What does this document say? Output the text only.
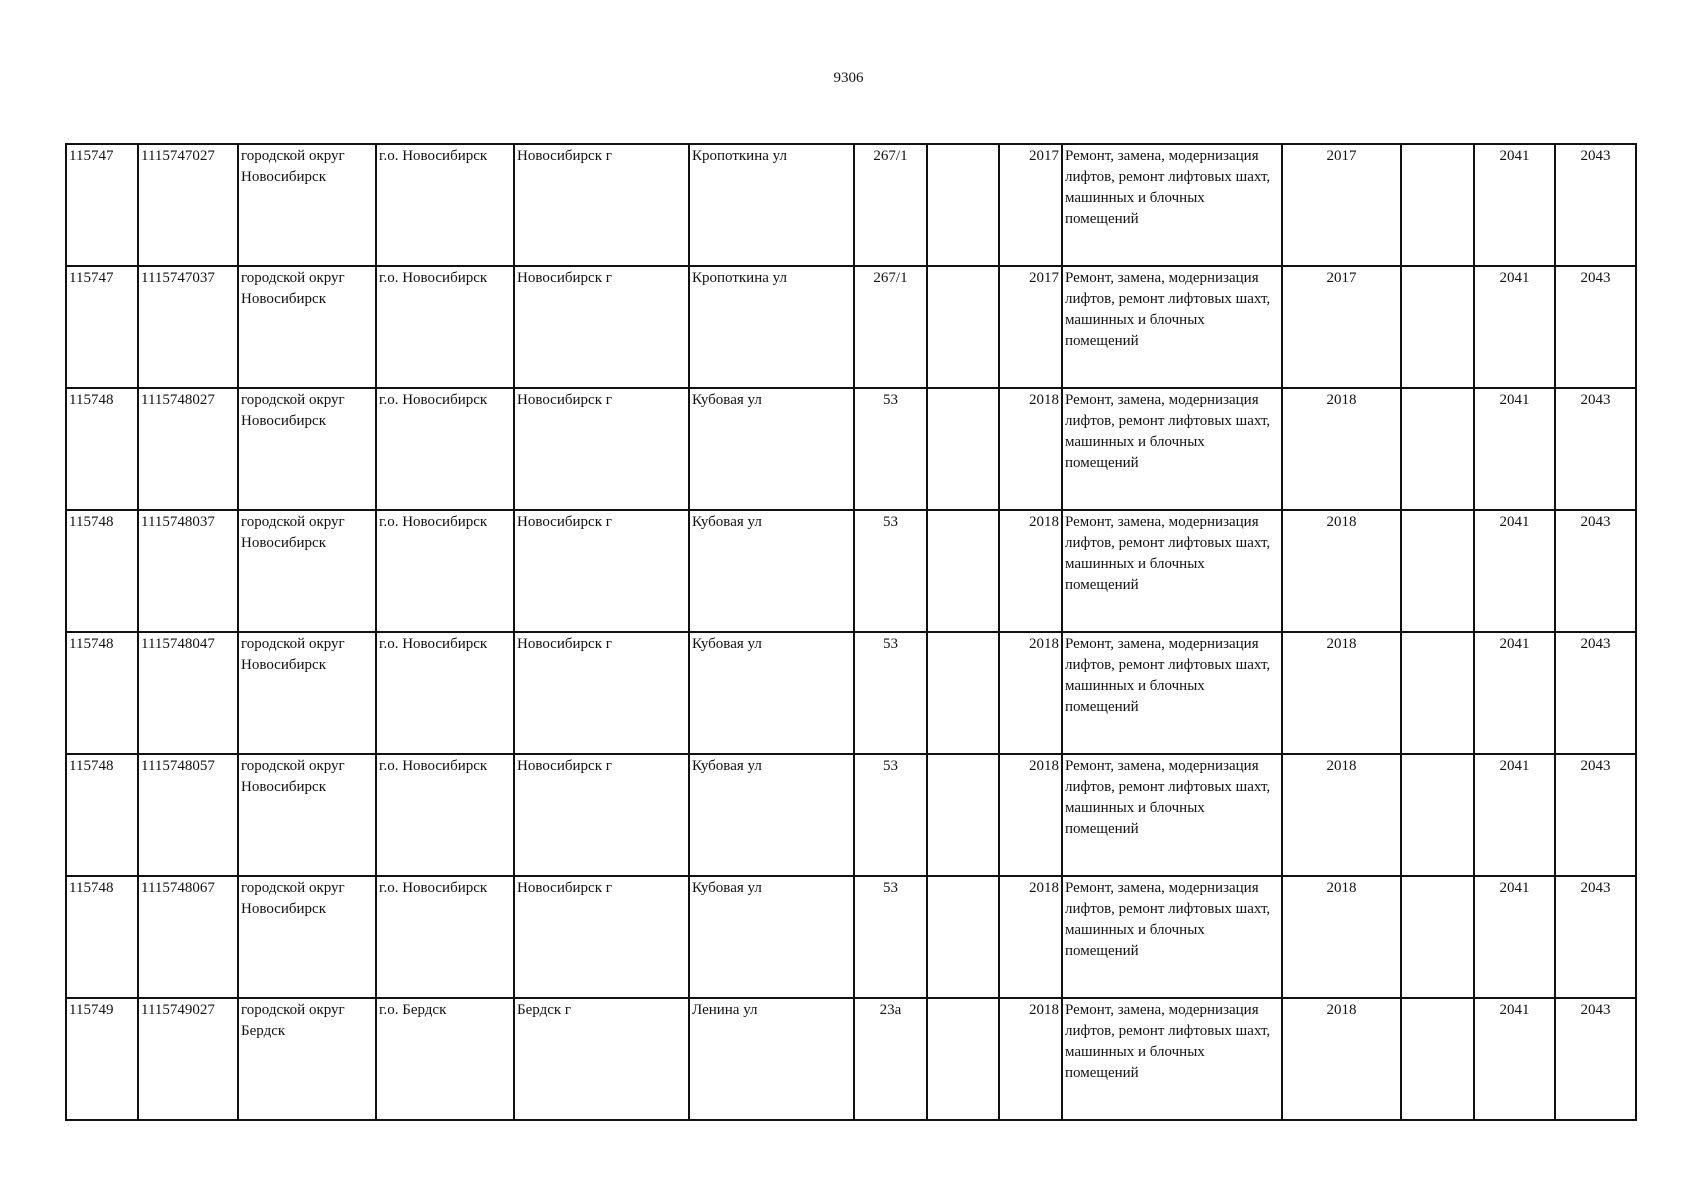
9306
115747	1115747027	городской округ Новосибирск	г.о. Новосибирск	Новосибирск г	Кропоткина ул	267/1		2017	Ремонт, замена, модернизация лифтов, ремонт лифтовых шахт, машинных и блочных помещений	2017		2041	2043
115747	1115747037	городской округ Новосибирск	г.о. Новосибирск	Новосибирск г	Кропоткина ул	267/1		2017	Ремонт, замена, модернизация лифтов, ремонт лифтовых шахт, машинных и блочных помещений	2017		2041	2043
115748	1115748027	городской округ Новосибирск	г.о. Новосибирск	Новосибирск г	Кубовая ул	53		2018	Ремонт, замена, модернизация лифтов, ремонт лифтовых шахт, машинных и блочных помещений	2018		2041	2043
115748	1115748037	городской округ Новосибирск	г.о. Новосибирск	Новосибирск г	Кубовая ул	53		2018	Ремонт, замена, модернизация лифтов, ремонт лифтовых шахт, машинных и блочных помещений	2018		2041	2043
115748	1115748047	городской округ Новосибирск	г.о. Новосибирск	Новосибирск г	Кубовая ул	53		2018	Ремонт, замена, модернизация лифтов, ремонт лифтовых шахт, машинных и блочных помещений	2018		2041	2043
115748	1115748057	городской округ Новосибирск	г.о. Новосибирск	Новосибирск г	Кубовая ул	53		2018	Ремонт, замена, модернизация лифтов, ремонт лифтовых шахт, машинных и блочных помещений	2018		2041	2043
115748	1115748067	городской округ Новосибирск	г.о. Новосибирск	Новосибирск г	Кубовая ул	53		2018	Ремонт, замена, модернизация лифтов, ремонт лифтовых шахт, машинных и блочных помещений	2018		2041	2043
115749	1115749027	городской округ Бердск	г.о. Бердск	Бердск г	Ленина ул	23а		2018	Ремонт, замена, модернизация лифтов, ремонт лифтовых шахт, машинных и блочных помещений	2018		2041	2043
